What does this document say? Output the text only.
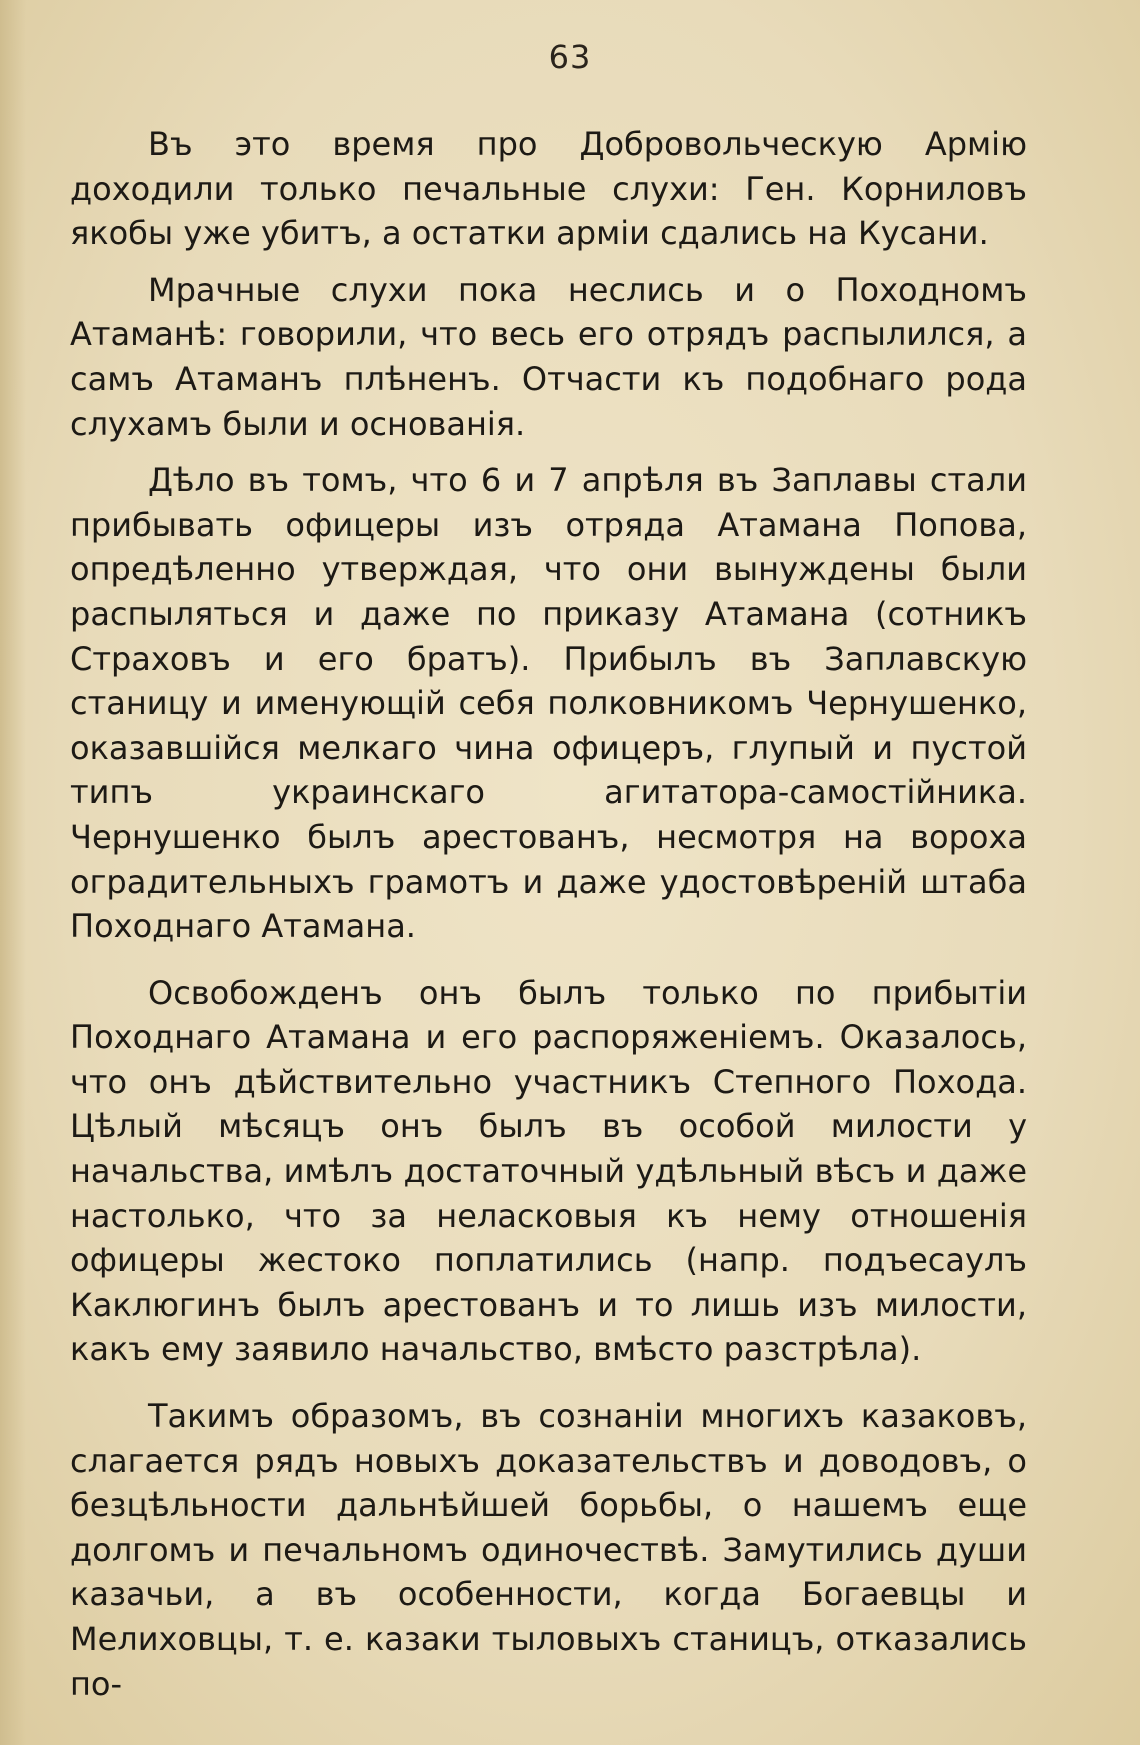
63

Въ это время про Добровольческую Армію доходили только печальные слухи: Ген. Корниловъ якобы уже убитъ, а остатки арміи сдались на Кусани.

Мрачные слухи пока неслись и о Походномъ Атаманѣ: говорили, что весь его отрядъ распылился, а самъ Атаманъ плѣненъ. Отчасти къ подобнаго рода слухамъ были и основанія.

Дѣло въ томъ, что 6 и 7 апрѣля въ Заплавы стали прибывать офицеры изъ отряда Атамана Попова, опредѣленно утверждая, что они вынуждены были распыляться и даже по приказу Атамана (сотникъ Страховъ и его братъ). Прибылъ въ Заплавскую станицу и именующій себя полковникомъ Чернушенко, оказавшійся мелкаго чина офицеръ, глупый и пустой типъ украинскаго агитатора-самостійника. Чернушенко былъ арестованъ, несмотря на вороха оградительныхъ грамотъ и даже удостовѣреній штаба Походнаго Атамана.

Освобожденъ онъ былъ только по прибытіи Походнаго Атамана и его распоряженіемъ. Оказалось, что онъ дѣйствительно участникъ Степного Похода. Цѣлый мѣсяцъ онъ былъ въ особой милости у начальства, имѣлъ достаточный удѣльный вѣсъ и даже настолько, что за неласковыя къ нему отношенія офицеры жестоко поплатились (напр. подъесаулъ Каклюгинъ былъ арестованъ и то лишь изъ милости, какъ ему заявило начальство, вмѣсто разстрѣла).

Такимъ образомъ, въ сознаніи многихъ казаковъ, слагается рядъ новыхъ доказательствъ и доводовъ, о безцѣльности дальнѣйшей борьбы, о нашемъ еще долгомъ и печальномъ одиночествѣ. Замутились души казачьи, а въ особенности, когда Богаевцы и Мелиховцы, т. е. казаки тыловыхъ станицъ, отказались по-
